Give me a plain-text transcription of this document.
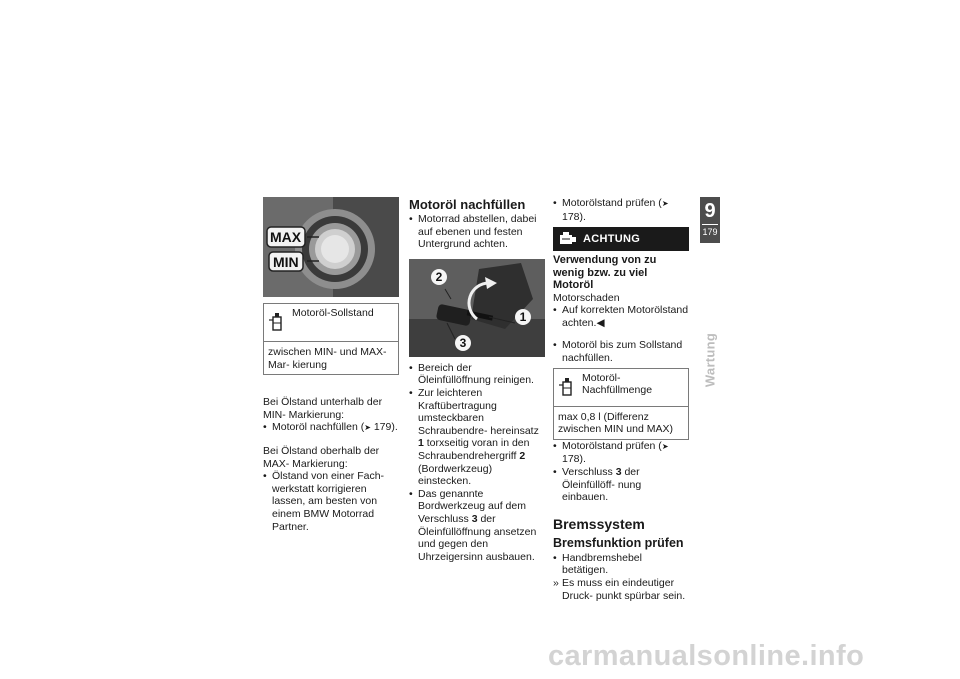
MAX
MIN
Motoröl-Sollstand
zwischen MIN- und MAX-Mar- kierung

Bei Ölstand unterhalb der MIN- Markierung:

• Motoröl nachfüllen (➤ 179).

Bei Ölstand oberhalb der MAX- Markierung:

• Ölstand von einer Fach- werkstatt korrigieren lassen, am besten von einem BMW Motorrad Partner.
Motoröl nachfüllen
• Motorrad abstellen, dabei auf ebenen und festen Untergrund achten.
2
1
3
• Bereich der Öleinfüllöffnung reinigen.
• Zur leichteren Kraftübertragung umsteckbaren Schraubendre- hereinsatz 1 torxseitig voran in den Schraubendrehergriff 2 (Bordwerkzeug) einstecken.
• Das genannte Bordwerkzeug auf dem Verschluss 3 der Öleinfüllöffnung ansetzen und gegen den Uhrzeigersinn ausbauen.
• Motorölstand prüfen (➤ 178).
ACHTUNG
Verwendung von zu wenig bzw. zu viel Motoröl

Motorschaden

• Auf korrekten Motorölstand achten.◀
• Motoröl bis zum Sollstand nachfüllen.
Motoröl-Nachfüllmenge
max 0,8 l (Differenz zwischen MIN und MAX)
• Motorölstand prüfen (➤ 178).
• Verschluss 3 der Öleinfüllöff- nung einbauen.
Bremssystem
Bremsfunktion prüfen
• Handbremshebel betätigen.
» Es muss ein eindeutiger Druck- punkt spürbar sein.
9
179
Wartung
carmanualsonline.info
